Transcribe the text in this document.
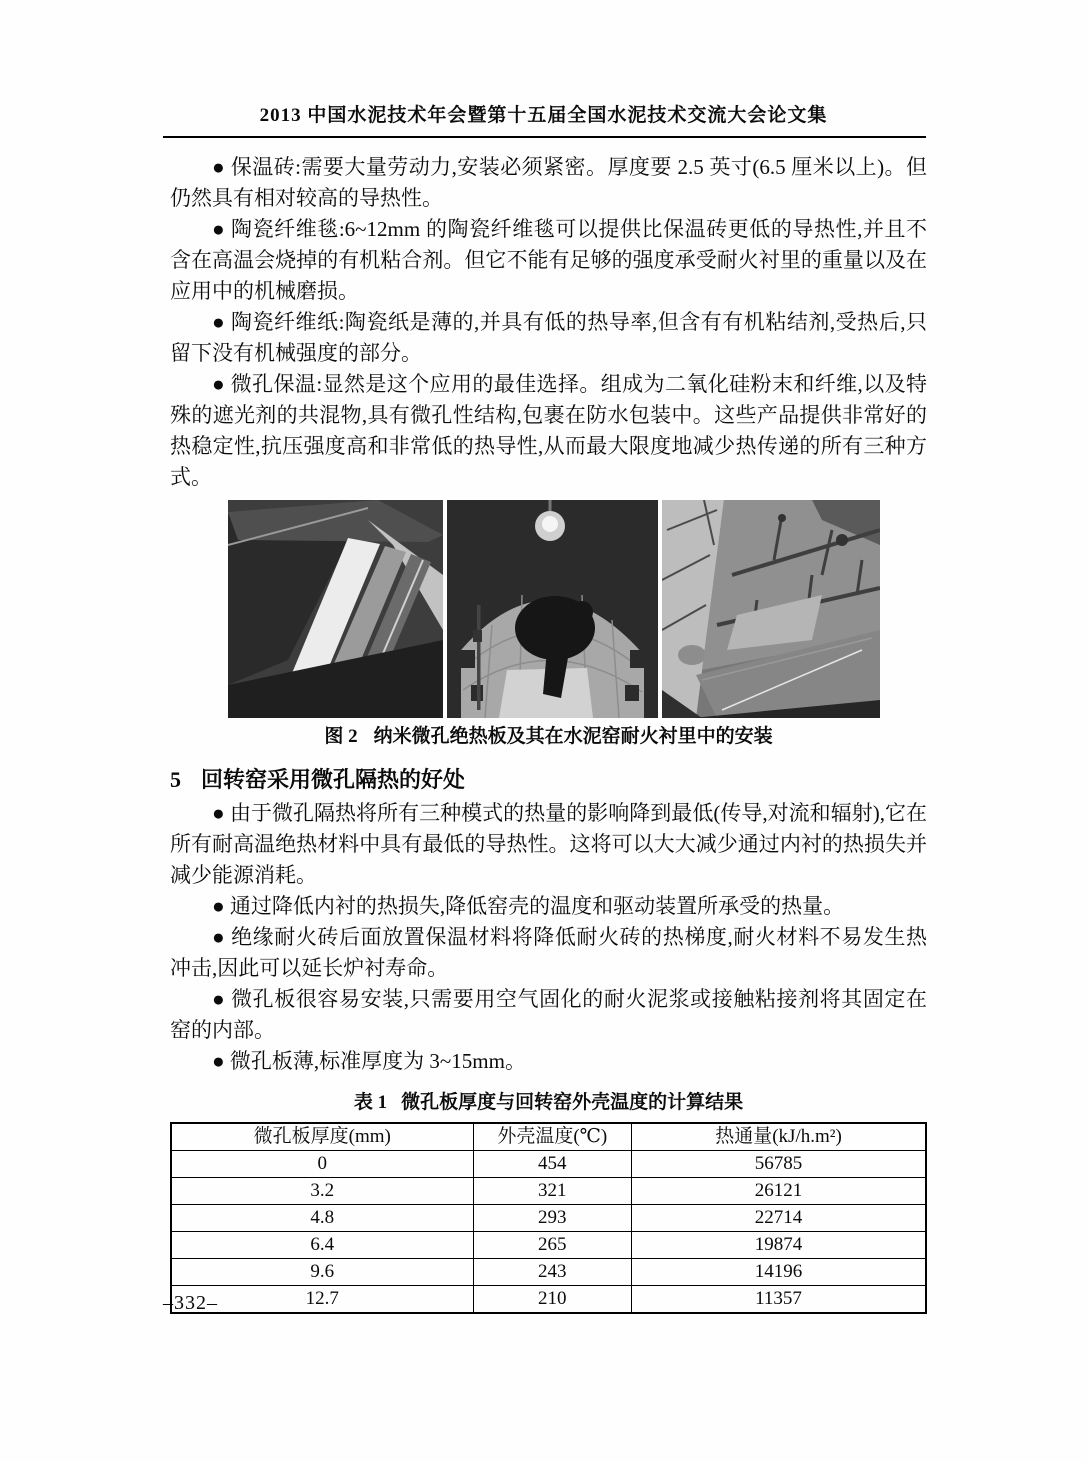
2013 中国水泥技术年会暨第十五届全国水泥技术交流大会论文集

● 保温砖:需要大量劳动力,安装必须紧密。厚度要 2.5 英寸(6.5 厘米以上)。但仍然具有相对较高的导热性。

● 陶瓷纤维毯:6~12mm 的陶瓷纤维毯可以提供比保温砖更低的导热性,并且不含在高温会烧掉的有机粘合剂。但它不能有足够的强度承受耐火衬里的重量以及在应用中的机械磨损。

● 陶瓷纤维纸:陶瓷纸是薄的,并具有低的热导率,但含有有机粘结剂,受热后,只留下没有机械强度的部分。

● 微孔保温:显然是这个应用的最佳选择。组成为二氧化硅粉末和纤维,以及特殊的遮光剂的共混物,具有微孔性结构,包裹在防水包装中。这些产品提供非常好的热稳定性,抗压强度高和非常低的热导性,从而最大限度地减少热传递的所有三种方式。

图 2 纳米微孔绝热板及其在水泥窑耐火衬里中的安装

5 回转窑采用微孔隔热的好处

● 由于微孔隔热将所有三种模式的热量的影响降到最低(传导,对流和辐射),它在所有耐高温绝热材料中具有最低的导热性。这将可以大大减少通过内衬的热损失并减少能源消耗。

● 通过降低内衬的热损失,降低窑壳的温度和驱动装置所承受的热量。

● 绝缘耐火砖后面放置保温材料将降低耐火砖的热梯度,耐火材料不易发生热冲击,因此可以延长炉衬寿命。

● 微孔板很容易安装,只需要用空气固化的耐火泥浆或接触粘接剂将其固定在窑的内部。

● 微孔板薄,标准厚度为 3~15mm。

表 1 微孔板厚度与回转窑外壳温度的计算结果

微孔板厚度(mm)	外壳温度(℃)	热通量(kJ/h.m²)
0	454	56785
3.2	321	26121
4.8	293	22714
6.4	265	19874
9.6	243	14196
12.7	210	11357
–332–
